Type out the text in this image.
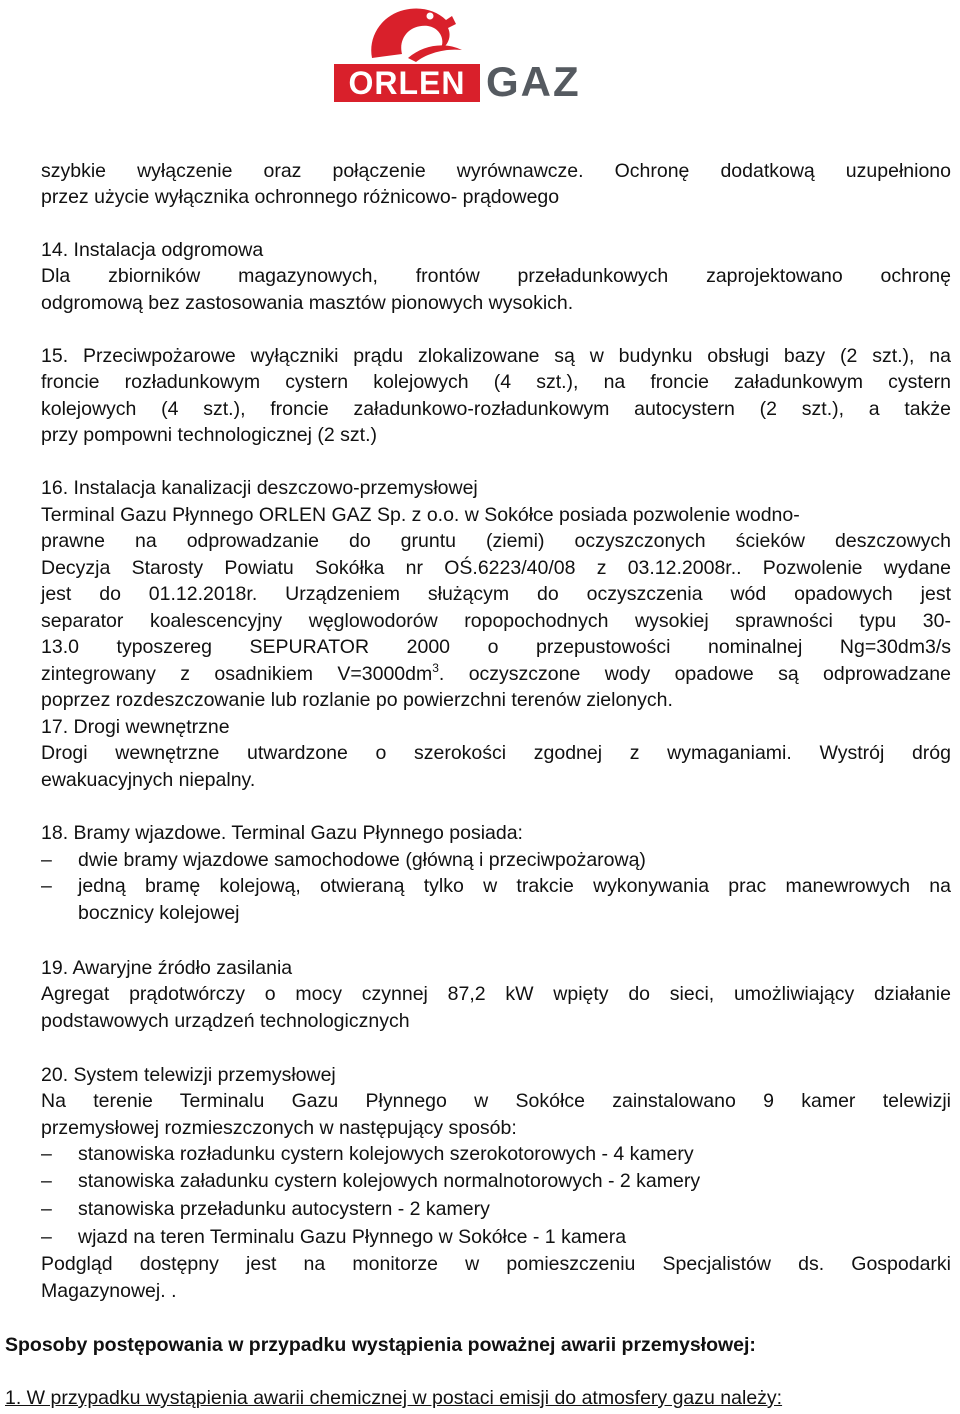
ORLEN GAZ
szybkie wyłączenie oraz połączenie wyrównawcze. Ochronę dodatkową uzupełniono
przez użycie wyłącznika ochronnego różnicowo- prądowego
14. Instalacja odgromowa
Dla zbiorników magazynowych, frontów przeładunkowych zaprojektowano ochronę
odgromową bez zastosowania masztów pionowych wysokich.
15. Przeciwpożarowe wyłączniki prądu zlokalizowane są w budynku obsługi bazy (2 szt.), na
froncie rozładunkowym cystern kolejowych (4 szt.), na froncie załadunkowym cystern
kolejowych (4 szt.), froncie załadunkowo-rozładunkowym autocystern (2 szt.), a także
przy pompowni technologicznej (2 szt.)
16. Instalacja kanalizacji deszczowo-przemysłowej
Terminal Gazu Płynnego ORLEN GAZ Sp. z o.o. w Sokółce posiada pozwolenie wodno-
prawne na odprowadzanie do gruntu (ziemi) oczyszczonych ścieków deszczowych
Decyzja Starosty Powiatu Sokółka nr OŚ.6223/40/08 z 03.12.2008r.. Pozwolenie wydane
jest do 01.12.2018r. Urządzeniem służącym do oczyszczenia wód opadowych jest
separator koalescencyjny węglowodorów ropopochodnych wysokiej sprawności typu 30-
13.0 typoszereg SEPURATOR 2000 o przepustowości nominalnej Ng=30dm3/s
zintegrowany z osadnikiem $V=3000dm^3$. oczyszczone wody opadowe są odprowadzane
poprzez rozdeszczowanie lub rozlanie po powierzchni terenów zielonych.
17. Drogi wewnętrzne
Drogi wewnętrzne utwardzone o szerokości zgodnej z wymaganiami. Wystrój dróg
ewakuacyjnych niepalny.
18. Bramy wjazdowe. Terminal Gazu Płynnego posiada:
– dwie bramy wjazdowe samochodowe (główną i przeciwpożarową)
– jedną bramę kolejową, otwieraną tylko w trakcie wykonywania prac manewrowych na
bocznicy kolejowej
19. Awaryjne źródło zasilania
Agregat prądotwórczy o mocy czynnej 87,2 kW wpięty do sieci, umożliwiający działanie
podstawowych urządzeń technologicznych
20. System telewizji przemysłowej
Na terenie Terminalu Gazu Płynnego w Sokółce zainstalowano 9 kamer telewizji
przemysłowej rozmieszczonych w następujący sposób:
– stanowiska rozładunku cystern kolejowych szerokotorowych - 4 kamery
– stanowiska załadunku cystern kolejowych normalnotorowych - 2 kamery
– stanowiska przeładunku autocystern - 2 kamery
– wjazd na teren Terminalu Gazu Płynnego w Sokółce - 1 kamera
Podgląd dostępny jest na monitorze w pomieszczeniu Specjalistów ds. Gospodarki
Magazynowej. .
Sposoby postępowania w przypadku wystąpienia poważnej awarii przemysłowej:
1. W przypadku wystąpienia awarii chemicznej w postaci emisji do atmosfery gazu należy:
